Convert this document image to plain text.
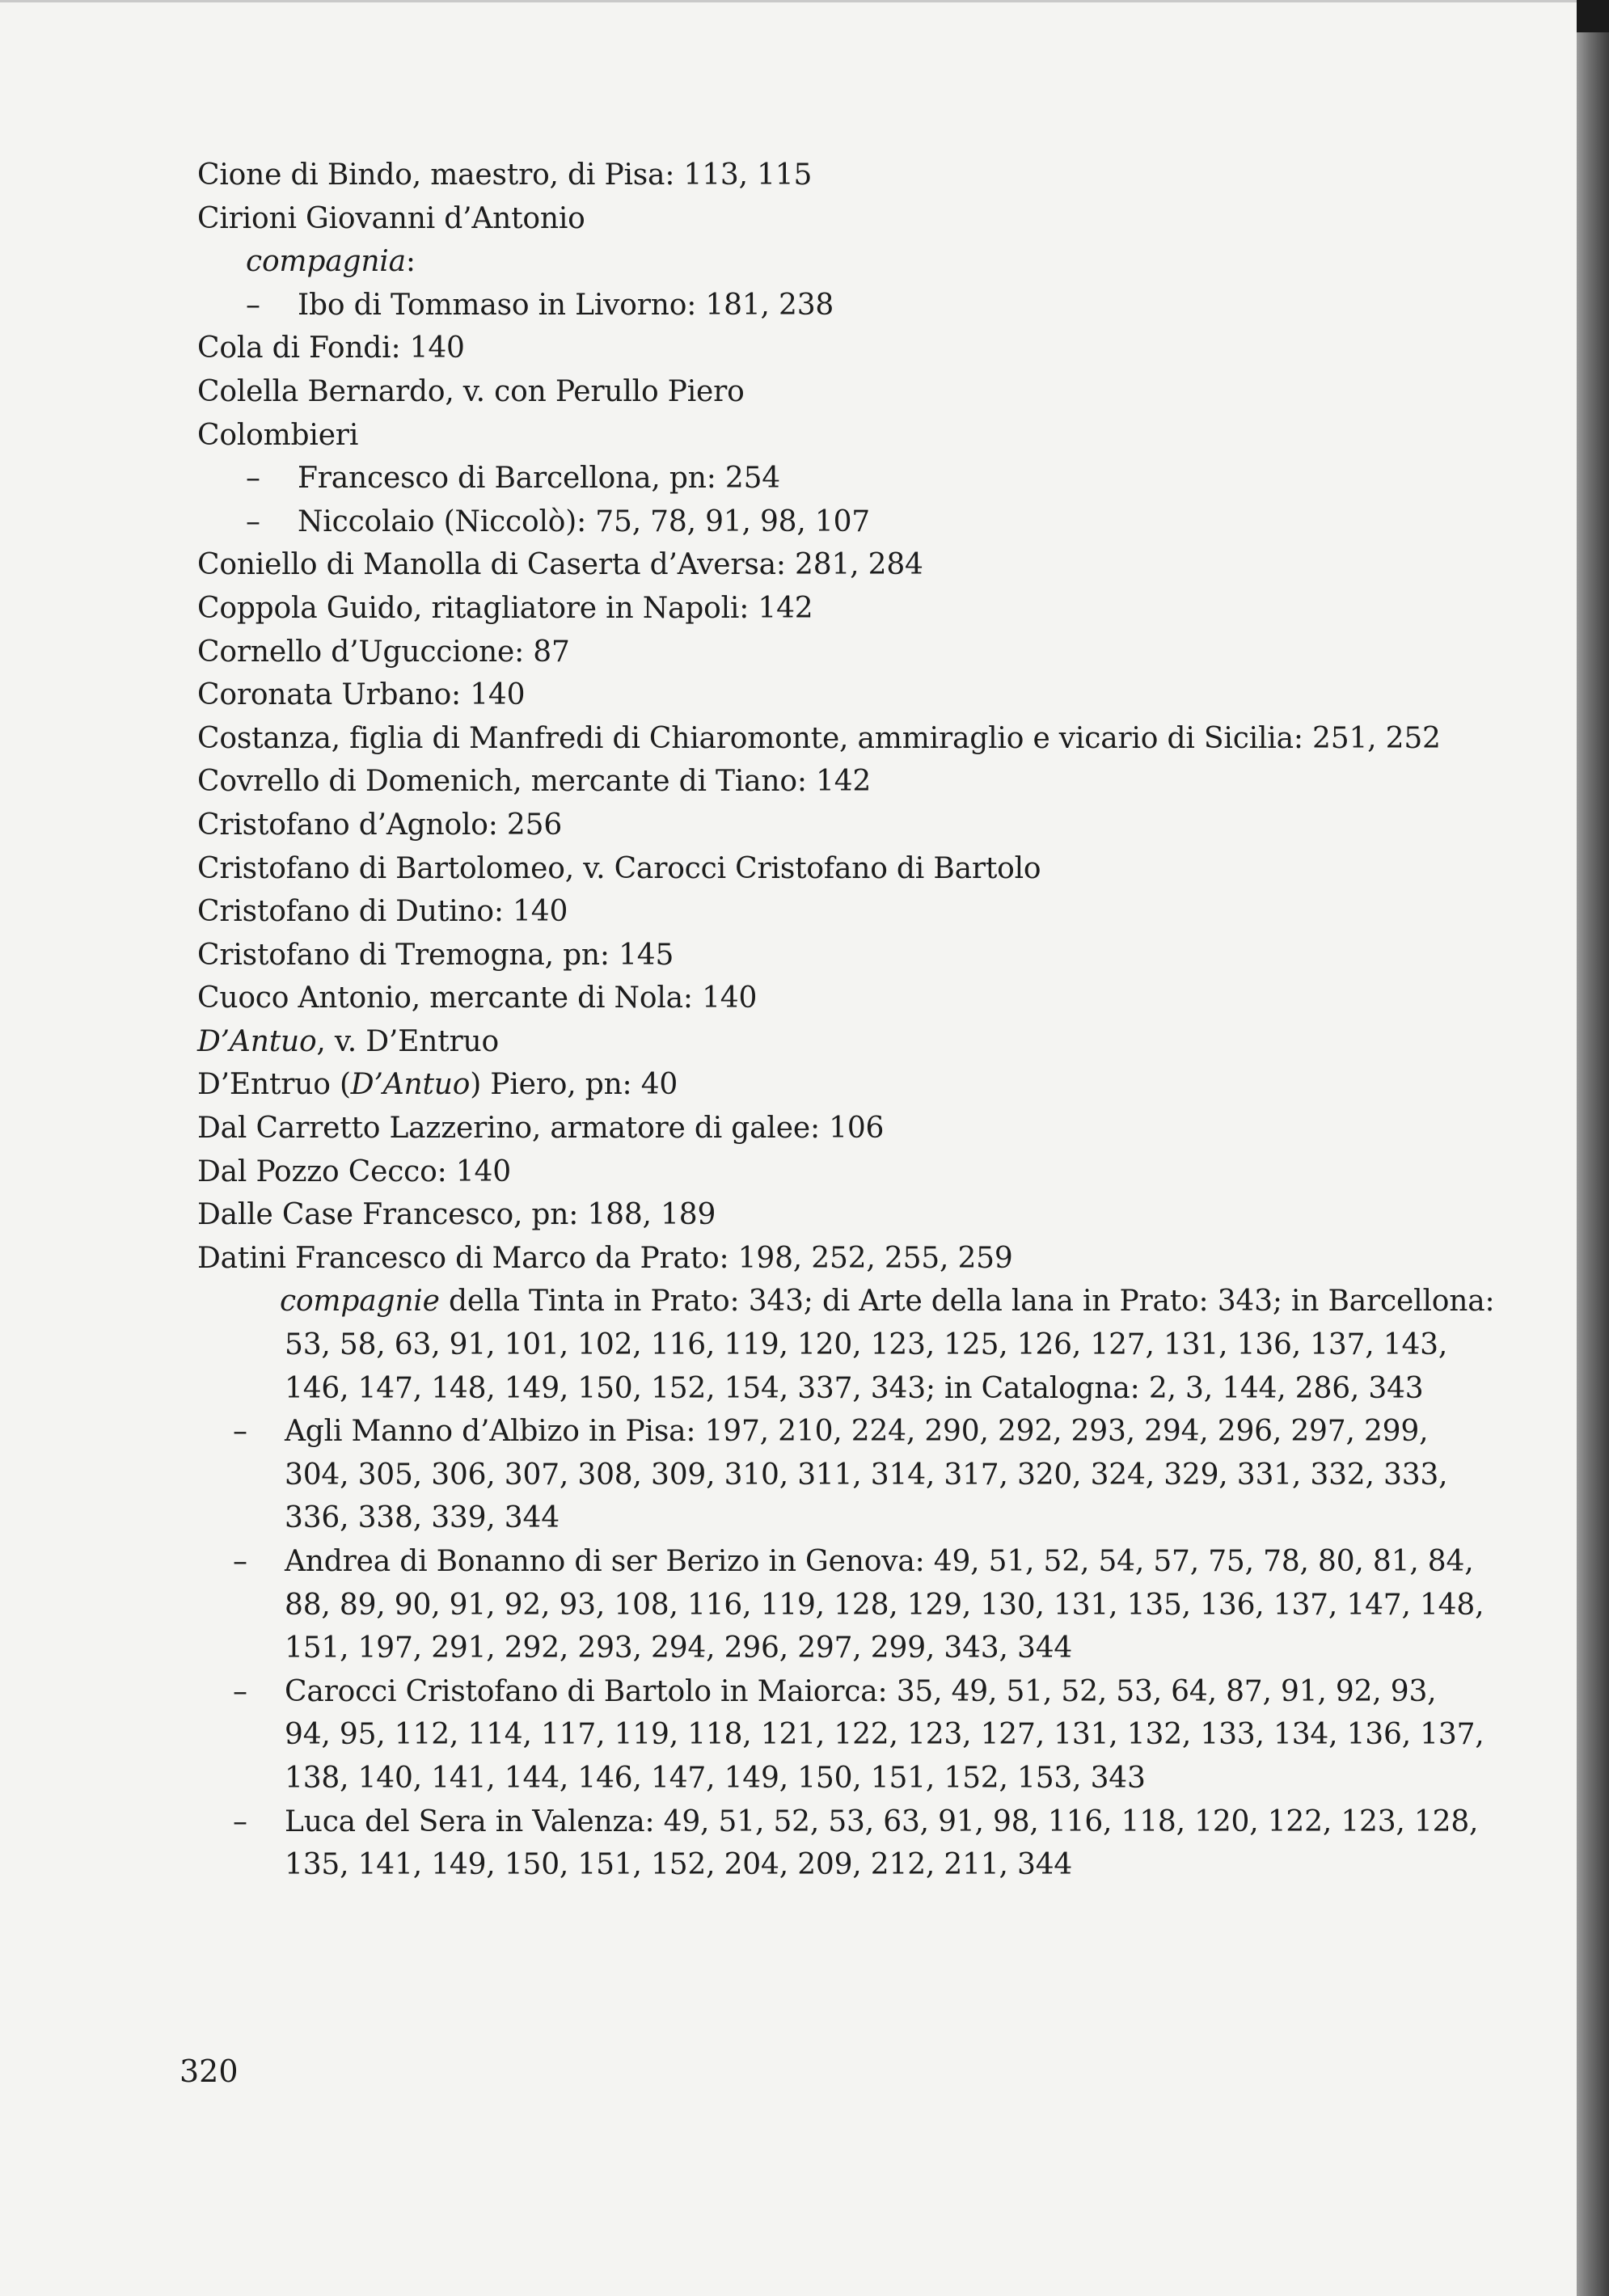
Cione di Bindo, maestro, di Pisa: 113, 115
Cirioni Giovanni d’Antonio
compagnia:
– Ibo di Tommaso in Livorno: 181, 238
Cola di Fondi: 140
Colella Bernardo, v. con Perullo Piero
Colombieri
– Francesco di Barcellona, pn: 254
– Niccolaio (Niccolò): 75, 78, 91, 98, 107
Coniello di Manolla di Caserta d’Aversa: 281, 284
Coppola Guido, ritagliatore in Napoli: 142
Cornello d’Uguccione: 87
Coronata Urbano: 140
Costanza, figlia di Manfredi di Chiaromonte, ammiraglio e vicario di Sicilia: 251, 252
Covrello di Domenich, mercante di Tiano: 142
Cristofano d’Agnolo: 256
Cristofano di Bartolomeo, v. Carocci Cristofano di Bartolo
Cristofano di Dutino: 140
Cristofano di Tremogna, pn: 145
Cuoco Antonio, mercante di Nola: 140
D’Antuo, v. D’Entruo
D’Entruo (D’Antuo) Piero, pn: 40
Dal Carretto Lazzerino, armatore di galee: 106
Dal Pozzo Cecco: 140
Dalle Case Francesco, pn: 188, 189
Datini Francesco di Marco da Prato: 198, 252, 255, 259
compagnie della Tinta in Prato: 343; di Arte della lana in Prato: 343; in Barcellona:
53, 58, 63, 91, 101, 102, 116, 119, 120, 123, 125, 126, 127, 131, 136, 137, 143,
146, 147, 148, 149, 150, 152, 154, 337, 343; in Catalogna: 2, 3, 144, 286, 343
– Agli Manno d’Albizo in Pisa: 197, 210, 224, 290, 292, 293, 294, 296, 297, 299,
304, 305, 306, 307, 308, 309, 310, 311, 314, 317, 320, 324, 329, 331, 332, 333,
336, 338, 339, 344
– Andrea di Bonanno di ser Berizo in Genova: 49, 51, 52, 54, 57, 75, 78, 80, 81, 84,
88, 89, 90, 91, 92, 93, 108, 116, 119, 128, 129, 130, 131, 135, 136, 137, 147, 148,
151, 197, 291, 292, 293, 294, 296, 297, 299, 343, 344
– Carocci Cristofano di Bartolo in Maiorca: 35, 49, 51, 52, 53, 64, 87, 91, 92, 93,
94, 95, 112, 114, 117, 119, 118, 121, 122, 123, 127, 131, 132, 133, 134, 136, 137,
138, 140, 141, 144, 146, 147, 149, 150, 151, 152, 153, 343
– Luca del Sera in Valenza: 49, 51, 52, 53, 63, 91, 98, 116, 118, 120, 122, 123, 128,
135, 141, 149, 150, 151, 152, 204, 209, 212, 211, 344
320
